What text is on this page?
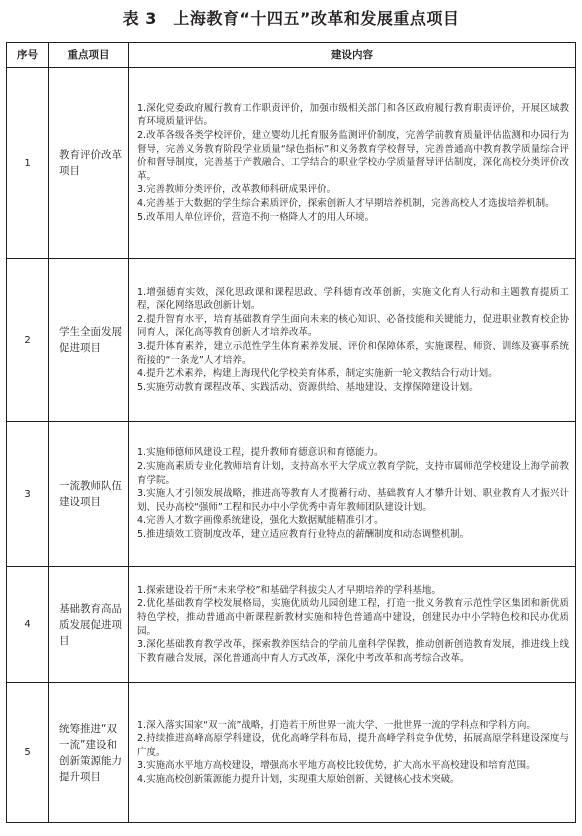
表 3　上海教育“十四五”改革和发展重点项目
序号	重点项目	建设内容
1	教育评价改革项目	1.深化党委政府履行教育工作职责评价，加强市级相关部门和各区政府履行教育职责评价，开展区域教育环境质量评估。
2.改革各级各类学校评价，建立婴幼儿托育服务监测评价制度，完善学前教育质量评估监测和办园行为督导，完善义务教育阶段学业质量“绿色指标”和义务教育学校督导，完善普通高中教育教学质量综合评价和督导制度，完善基于产教融合、工学结合的职业学校办学质量督导评估制度，深化高校分类评价改革。
3.完善教师分类评价，改革教师科研成果评价。
4.完善基于大数据的学生综合素质评价，探索创新人才早期培养机制，完善高校人才选拔培养机制。
5.改革用人单位评价，营造不拘一格降人才的用人环境。

2	学生全面发展促进项目	1.增强德育实效，深化思政课和课程思政、学科德育改革创新，实施文化育人行动和主题教育提质工程，深化网络思政创新计划。
2.提升智育水平，培育基础教育学生面向未来的核心知识、必备技能和关键能力，促进职业教育校企协同育人，深化高等教育创新人才培养改革。
3.提升体育素养，建立示范性学生体育素养发展、评价和保障体系，实施课程、师资、训练及赛事系统衔接的“一条龙”人才培养。
4.提升艺术素养，构建上海现代化学校美育体系，制定实施新一轮文教结合行动计划。
5.实施劳动教育课程改革、实践活动、资源供给、基地建设、支撑保障建设计划。

3	一流教师队伍建设项目	1.实施师德师风建设工程，提升教师育德意识和育德能力。
2.实施高素质专业化教师培育计划，支持高水平大学成立教育学院，支持市属师范学校建设上海学前教育学院。
3.实施人才引领发展战略，推进高等教育人才揽蓄行动、基础教育人才攀升计划、职业教育人才振兴计划、民办高校“强师”工程和民办中小学优秀中青年教师团队建设计划。
4.完善人才数字画像系统建设，强化大数据赋能精准引才。
5.推进绩效工资制度改革，建立适应教育行业特点的薪酬制度和动态调整机制。

4	基础教育高品质发展促进项目	1.探索建设若干所“未来学校”和基础学科拔尖人才早期培养的学科基地。
2.优化基础教育学校发展格局，实施优质幼儿园创建工程，打造一批义务教育示范性学区集团和新优质特色学校，推动普通高中新课程新教材实施和特色普通高中建设，创建民办中小学特色校和民办优质园。
3.深化基础教育教学改革，探索教养医结合的学前儿童科学保教，推动创新创造教育发展，推进线上线下教育融合发展，深化普通高中育人方式改革，深化中考改革和高考综合改革。

5	统筹推进“双一流”建设和创新策源能力提升项目	1.深入落实国家“双一流”战略，打造若干所世界一流大学、一批世界一流的学科点和学科方向。
2.持续推进高峰高原学科建设，优化高峰学科布局，提升高峰学科竞争优势，拓展高原学科建设深度与广度。
3.实施高水平地方高校建设，增强高水平地方高校比较优势，扩大高水平高校建设和培育范围。
4.实施高校创新策源能力提升计划，实现重大原始创新、关键核心技术突破。
